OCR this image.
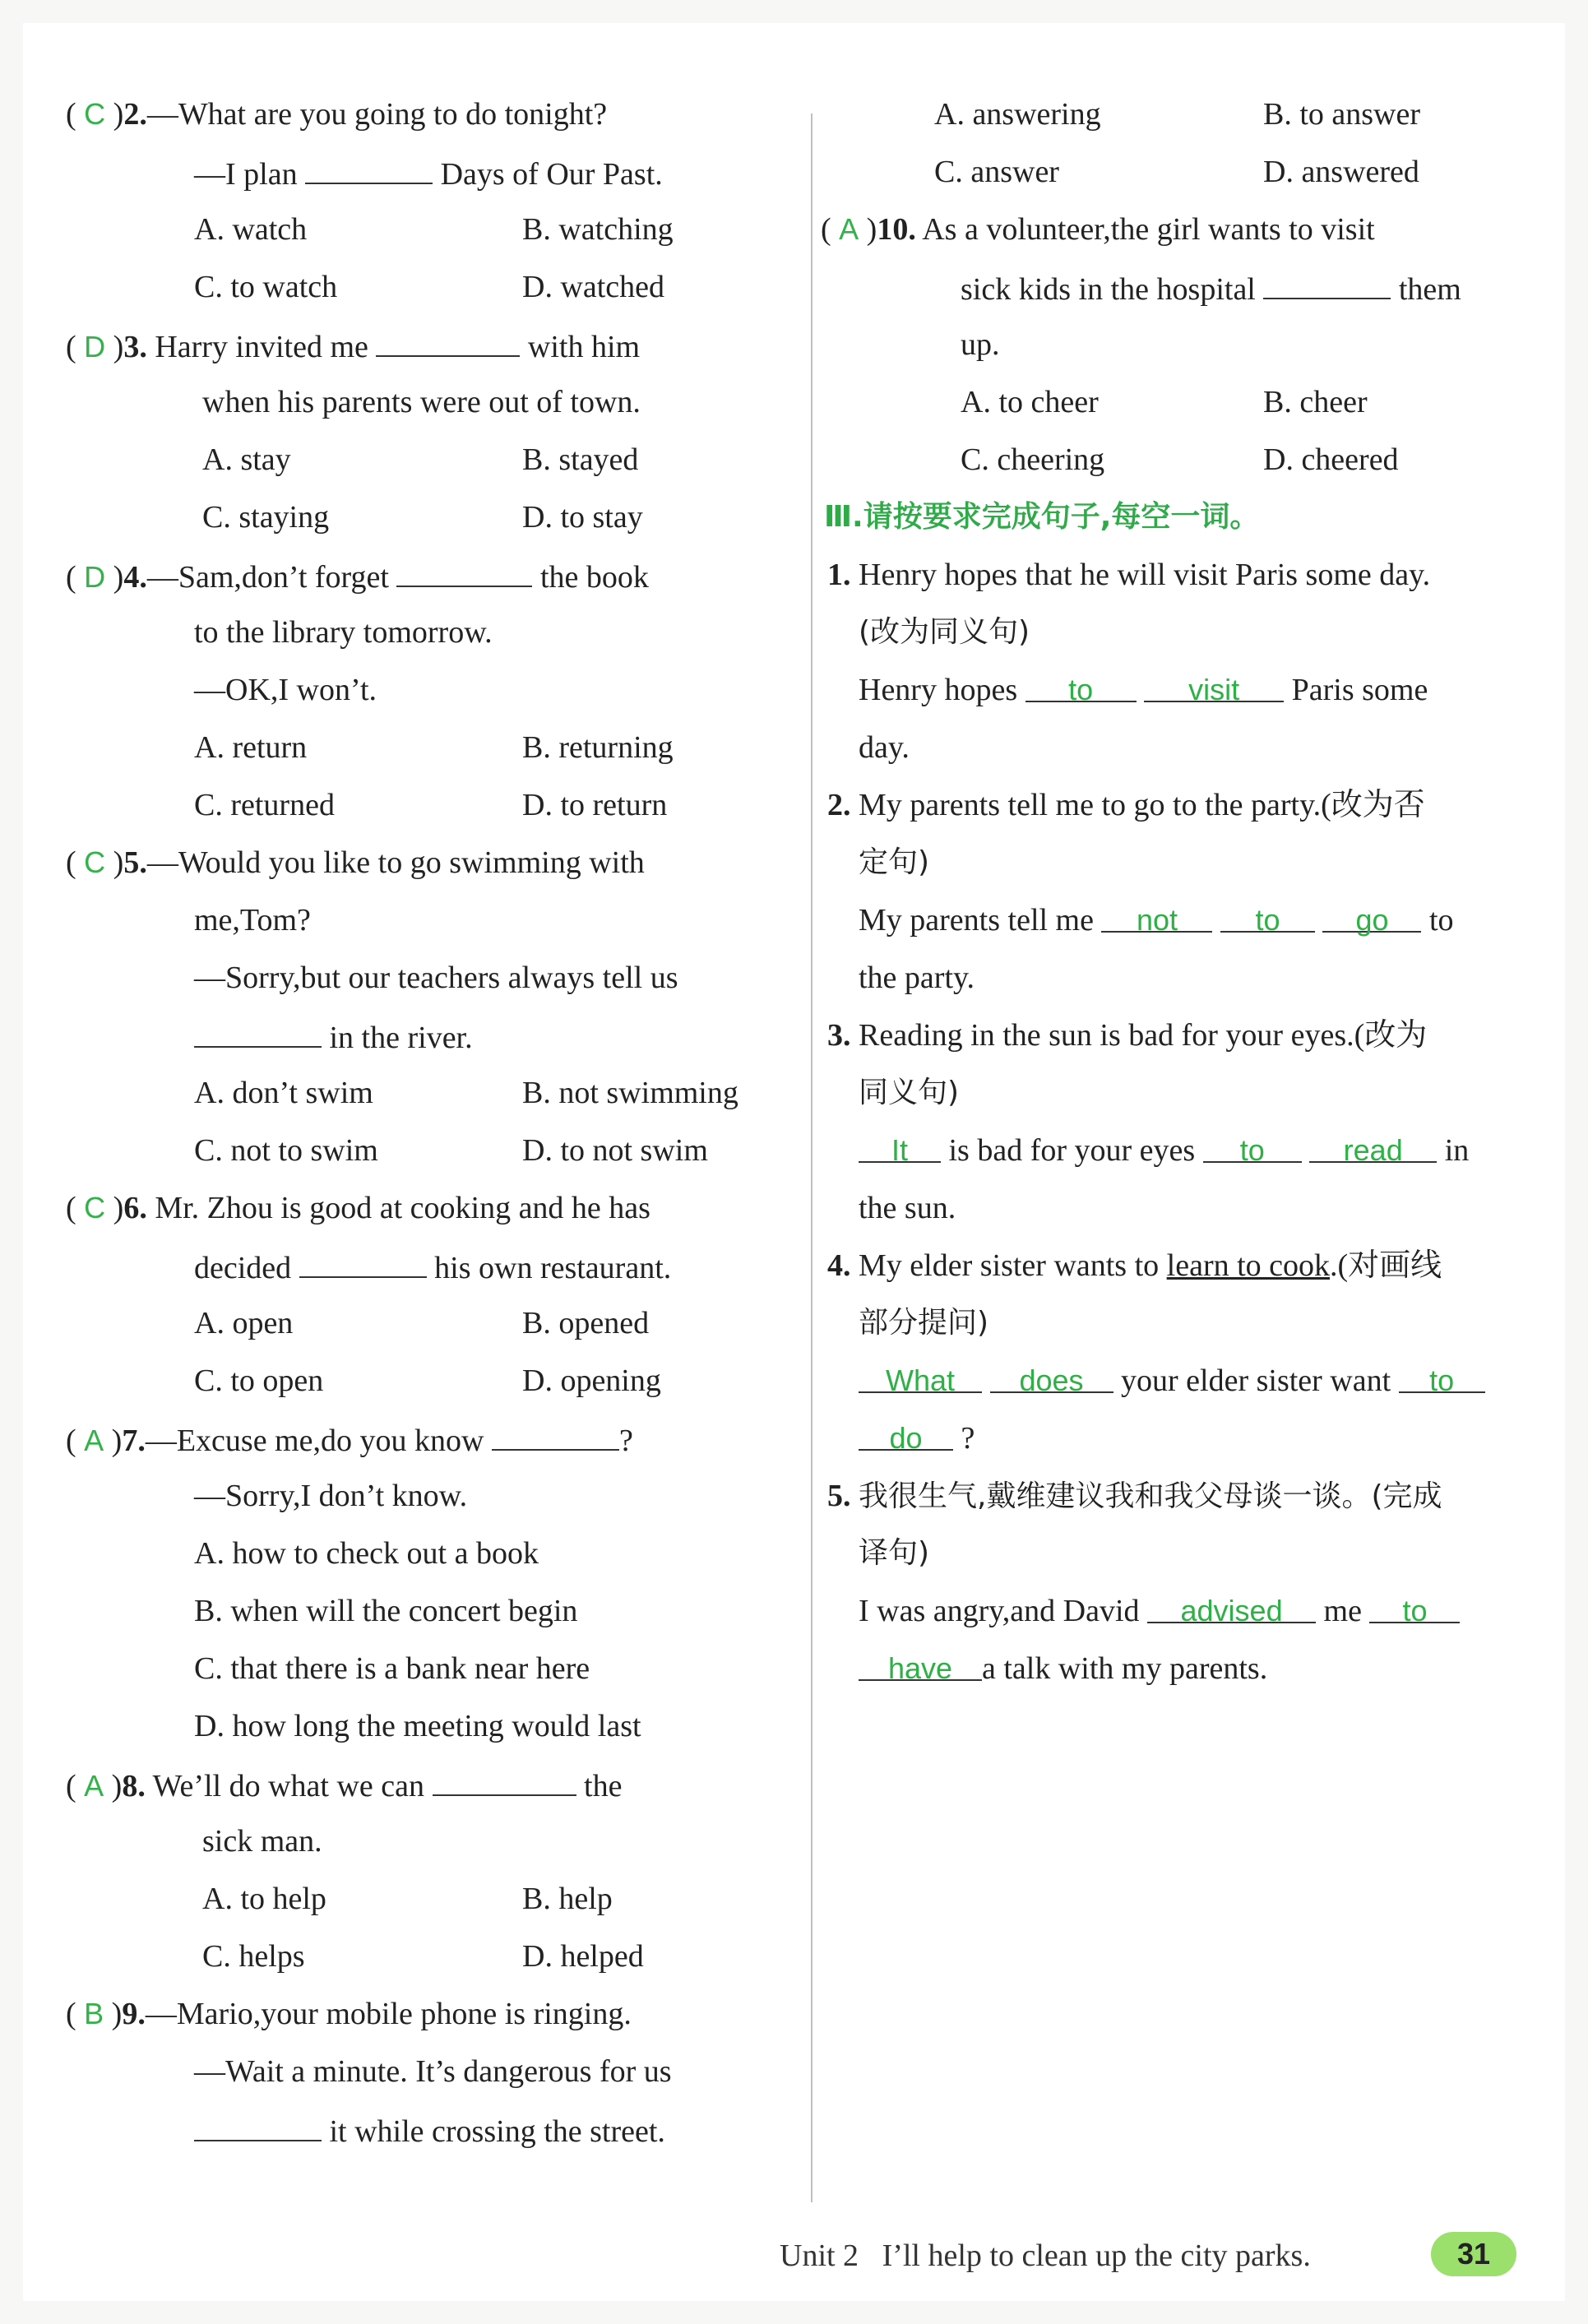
( C )2.—What are you going to do tonight?
—I plan	Days of Our Past.
A. watch	B. watching
C. to watch	D. watched
( D )3. Harry invited me	with him
when his parents were out of town.
A. stay	B. stayed
C. staying	D. to stay
( D )4.—Sam,don’t forget	the book
to the library tomorrow.
—OK,I won’t.
A. return	B. returning
C. returned	D. to return
( C )5.—Would you like to go swimming with
me,Tom?
—Sorry,but our teachers always tell us
in the river.
A. don’t swim	B. not swimming
C. not to swim	D. to not swim
( C )6. Mr. Zhou is good at cooking and he has
decided	his own restaurant.
A. open	B. opened
C. to open	D. opening
( A )7.—Excuse me,do you know	?
—Sorry,I don’t know.
A. how to check out a book
B. when will the concert begin
C. that there is a bank near here
D. how long the meeting would last
( A )8. We’ll do what we can	the
sick man.
A. to help	B. help
C. helps	D. helped
( B )9.—Mario,your mobile phone is ringing.
—Wait a minute. It’s dangerous for us
it while crossing the street.
A. answering	B. to answer
C. answer	D. answered
( A )10. As a volunteer,the girl wants to visit
sick kids in the hospital	them
up.
A. to cheer	B. cheer
C. cheering	D. cheered
Ⅲ.请按要求完成句子,每空一词。
1. Henry hopes that he will visit Paris some day.
(改为同义句)
Henry hopes to	visit Paris some
day.
2. My parents tell me to go to the party.(改为否
定句)
My parents tell me not	to	go to
the party.
3. Reading in the sun is bad for your eyes.(改为
同义句)
It is bad for your eyes to	read in
the sun.
4. My elder sister wants to learn to cook.(对画线
部分提问)
What does your elder sister want to
do ?
5. 我很生气,戴维建议我和我父母谈一谈。(完成
译句)
I was angry,and David advised me to
have a talk with my parents.
Unit 2 I’ll help to clean up the city parks.	31
